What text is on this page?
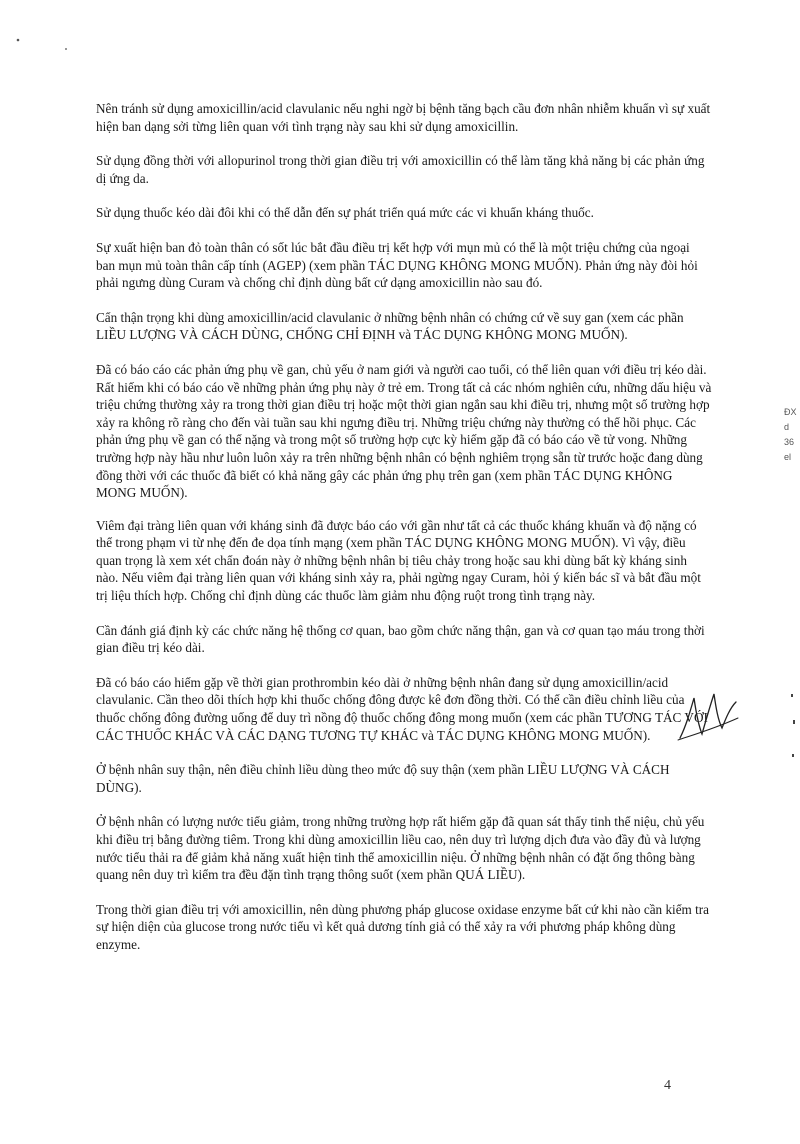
Nên tránh sử dụng amoxicillin/acid clavulanic nếu nghi ngờ bị bệnh tăng bạch cầu đơn nhân nhiễm khuẩn vì sự xuất hiện ban dạng sởi từng liên quan với tình trạng này sau khi sử dụng amoxicillin.

Sử dụng đồng thời với allopurinol trong thời gian điều trị với amoxicillin có thể làm tăng khả năng bị các phản ứng dị ứng da.

Sử dụng thuốc kéo dài đôi khi có thể dẫn đến sự phát triển quá mức các vi khuẩn kháng thuốc.

Sự xuất hiện ban đỏ toàn thân có sốt lúc bắt đầu điều trị kết hợp với mụn mủ có thể là một triệu chứng của ngoại ban mụn mủ toàn thân cấp tính (AGEP) (xem phần TÁC DỤNG KHÔNG MONG MUỐN). Phản ứng này đòi hỏi phải ngưng dùng Curam và chống chỉ định dùng bất cứ dạng amoxicillin nào sau đó.

Cẩn thận trọng khi dùng amoxicillin/acid clavulanic ở những bệnh nhân có chứng cứ về suy gan (xem các phần LIỀU LƯỢNG VÀ CÁCH DÙNG, CHỐNG CHỈ ĐỊNH và TÁC DỤNG KHÔNG MONG MUỐN).

Đã có báo cáo các phản ứng phụ về gan, chủ yếu ở nam giới và người cao tuổi, có thể liên quan với điều trị kéo dài. Rất hiếm khi có báo cáo về những phản ứng phụ này ở trẻ em. Trong tất cả các nhóm nghiên cứu, những dấu hiệu và triệu chứng thường xảy ra trong thời gian điều trị hoặc một thời gian ngắn sau khi điều trị, nhưng một số trường hợp xảy ra không rõ ràng cho đến vài tuần sau khi ngưng điều trị. Những triệu chứng này thường có thể hồi phục. Các phản ứng phụ về gan có thể nặng và trong một số trường hợp cực kỳ hiếm gặp đã có báo cáo về tử vong. Những trường hợp này hầu như luôn luôn xảy ra trên những bệnh nhân có bệnh nghiêm trọng sẵn từ trước hoặc đang dùng đồng thời với các thuốc đã biết có khả năng gây các phản ứng phụ trên gan (xem phần TÁC DỤNG KHÔNG MONG MUỐN).

Viêm đại tràng liên quan với kháng sinh đã được báo cáo với gần như tất cả các thuốc kháng khuẩn và độ nặng có thể trong phạm vi từ nhẹ đến đe dọa tính mạng (xem phần TÁC DỤNG KHÔNG MONG MUỐN). Vì vậy, điều quan trọng là xem xét chẩn đoán này ở những bệnh nhân bị tiêu chảy trong hoặc sau khi dùng bất kỳ kháng sinh nào. Nếu viêm đại tràng liên quan với kháng sinh xảy ra, phải ngừng ngay Curam, hỏi ý kiến bác sĩ và bắt đầu một trị liệu thích hợp. Chống chỉ định dùng các thuốc làm giảm nhu động ruột trong tình trạng này.

Cần đánh giá định kỳ các chức năng hệ thống cơ quan, bao gồm chức năng thận, gan và cơ quan tạo máu trong thời gian điều trị kéo dài.

Đã có báo cáo hiếm gặp về thời gian prothrombin kéo dài ở những bệnh nhân đang sử dụng amoxicillin/acid clavulanic. Cần theo dõi thích hợp khi thuốc chống đông được kê đơn đồng thời. Có thể cần điều chỉnh liều của thuốc chống đông đường uống để duy trì nồng độ thuốc chống đông mong muốn (xem các phần TƯƠNG TÁC VỚI CÁC THUỐC KHÁC VÀ CÁC DẠNG TƯƠNG TỰ KHÁC và TÁC DỤNG KHÔNG MONG MUỐN).

Ở bệnh nhân suy thận, nên điều chỉnh liều dùng theo mức độ suy thận (xem phần LIỀU LƯỢNG VÀ CÁCH DÙNG).

Ở bệnh nhân có lượng nước tiểu giảm, trong những trường hợp rất hiếm gặp đã quan sát thấy tinh thể niệu, chủ yếu khi điều trị bằng đường tiêm. Trong khi dùng amoxicillin liều cao, nên duy trì lượng dịch đưa vào đầy đủ và lượng nước tiểu thải ra để giảm khả năng xuất hiện tinh thể amoxicillin niệu. Ở những bệnh nhân có đặt ống thông bàng quang nên duy trì kiểm tra đều đặn tình trạng thông suốt (xem phần QUÁ LIỀU).

Trong thời gian điều trị với amoxicillin, nên dùng phương pháp glucose oxidase enzyme bất cứ khi nào cần kiểm tra sự hiện diện của glucose trong nước tiểu vì kết quả dương tính giả có thể xảy ra với phương pháp không dùng enzyme.

ĐX
d
36
el
4
